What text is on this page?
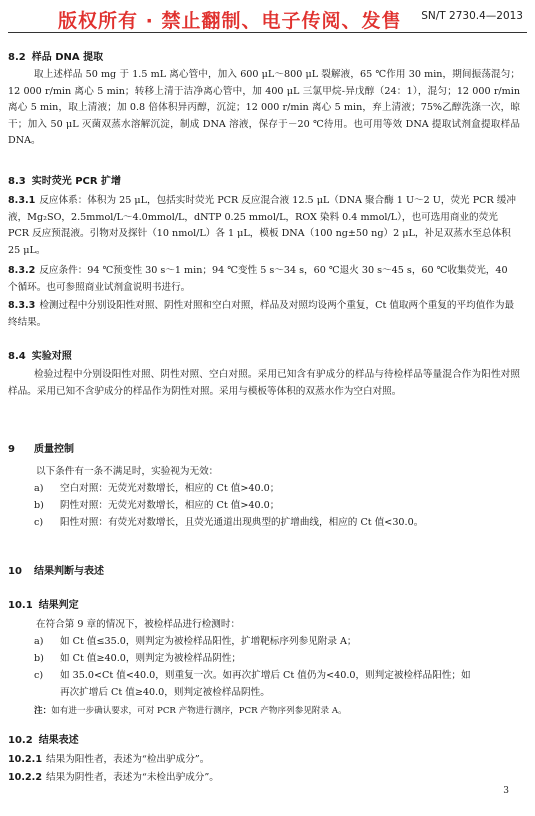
版权所有 · 禁止翻制、电子传阅、发售 SN/T 2730.4—2013
8.2 样品 DNA 提取
取上述样品 50 mg 于 1.5 mL 离心管中，加入 600 μL～800 μL 裂解液，65 ℃作用 30 min，期间振荡混匀；12 000 r/min 离心 5 min；转移上清于洁净离心管中，加 400 μL 三氯甲烷-异戊醇（24：1），混匀；12 000 r/min 离心 5 min，取上清液；加 0.8 倍体积异丙醇，沉淀；12 000 r/min 离心 5 min，弃上清液；75%乙醇洗涤一次，晾干；加入 50 μL 灭菌双蒸水溶解沉淀，制成 DNA 溶液，保存于－20 ℃待用。也可用等效 DNA 提取试剂盒提取样品 DNA。
8.3 实时荧光 PCR 扩增
8.3.1 反应体系：体积为 25 μL，包括实时荧光 PCR 反应混合液 12.5 μL（DNA 聚合酶 1 U～2 U，荧光 PCR 缓冲液，Mg₂SO，2.5mmol/L～4.0mmol/L，dNTP 0.25 mmol/L，ROX 染料 0.4 mmol/L），也可选用商业的荧光 PCR 反应预混液。引物对及探针（10 nmol/L）各 1 μL，模板 DNA（100 ng±50 ng）2 μL，补足双蒸水至总体积 25 μL。
8.3.2 反应条件：94 ℃预变性 30 s～1 min；94 ℃变性 5 s～34 s，60 ℃退火 30 s～45 s，60 ℃收集荧光，40 个循环。也可参照商业试剂盒说明书进行。
8.3.3 检测过程中分别设阳性对照、阴性对照和空白对照，样品及对照均设两个重复，Ct 值取两个重复的平均值作为最终结果。
8.4 实验对照
检验过程中分别设阳性对照、阴性对照、空白对照。采用已知含有驴成分的样品与待检样品等量混合作为阳性对照样品。采用已知不含驴成分的样品作为阴性对照。采用与模板等体积的双蒸水作为空白对照。
9 质量控制
以下条件有一条不满足时，实验视为无效：
a) 空白对照：无荧光对数增长，相应的 Ct 值>40.0；
b) 阴性对照：无荧光对数增长，相应的 Ct 值>40.0；
c) 阳性对照：有荧光对数增长，且荧光通道出现典型的扩增曲线，相应的 Ct 值<30.0。
10 结果判断与表述
10.1 结果判定
在符合第 9 章的情况下，被检样品进行检测时：
a) 如 Ct 值≤35.0，则判定为被检样品阳性，扩增靶标序列参见附录 A；
b) 如 Ct 值≥40.0，则判定为被检样品阴性；
c) 如 35.0<Ct 值<40.0，则重复一次。如再次扩增后 Ct 值仍为<40.0，则判定被检样品阳性；如
再次扩增后 Ct 值≥40.0，则判定被检样品阴性。
注：如有进一步确认要求，可对 PCR 产物进行测序，PCR 产物序列参见附录 A。
10.2 结果表述
10.2.1 结果为阳性者，表述为“检出驴成分”。
10.2.2 结果为阴性者，表述为“未检出驴成分”。
3
